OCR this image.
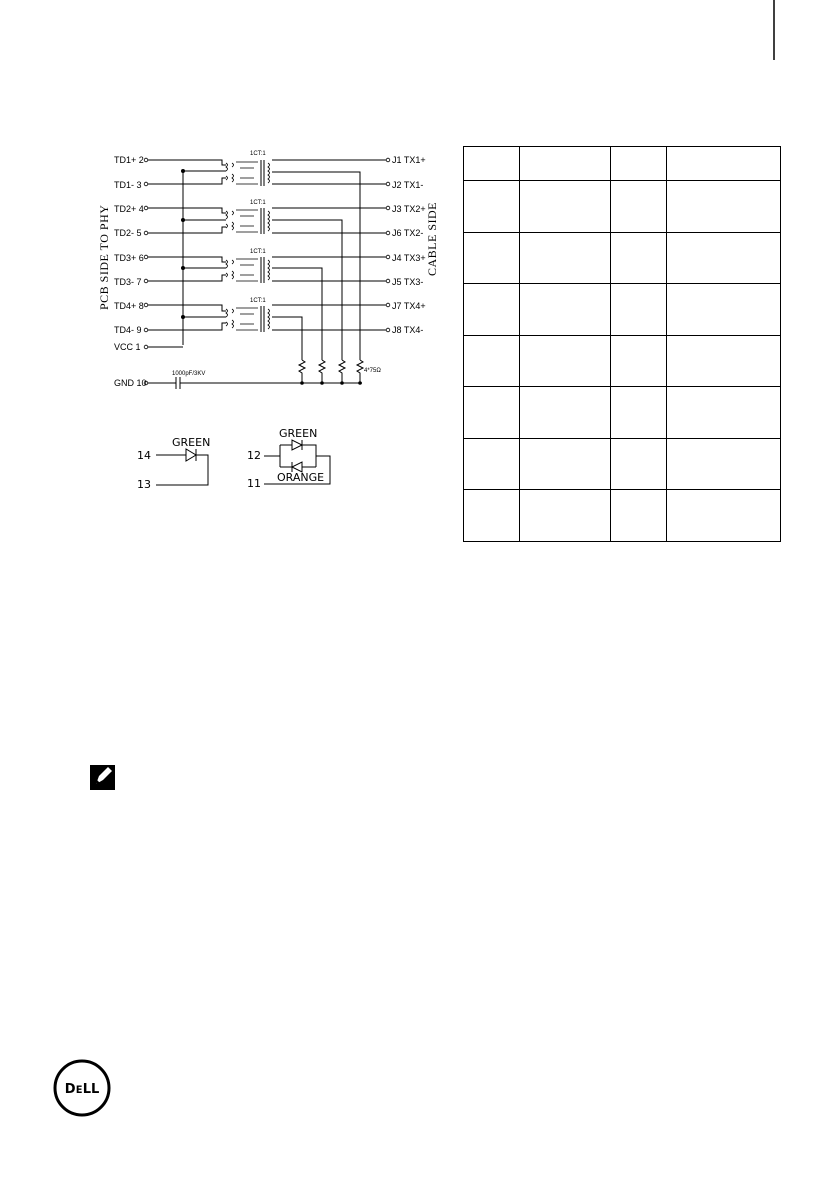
PCB SIDE TO PHY	CABLE SIDE
TD1+ 2
TD1- 3
TD2+ 4
TD2- 5
TD3+ 6
TD3- 7
TD4+ 8
TD4- 9
VCC 1
GND 10
1000pF/3KV
1CT:1
1CT:1
1CT:1
1CT:1
4*75Ω
J1 TX1+
J2 TX1-
J3 TX2+
J6 TX2-
J4 TX3+
J5 TX3-
J7 TX4+
J8 TX4-
GREEN
14
13
GREEN
ORANGE
12
11
DᴇLL
